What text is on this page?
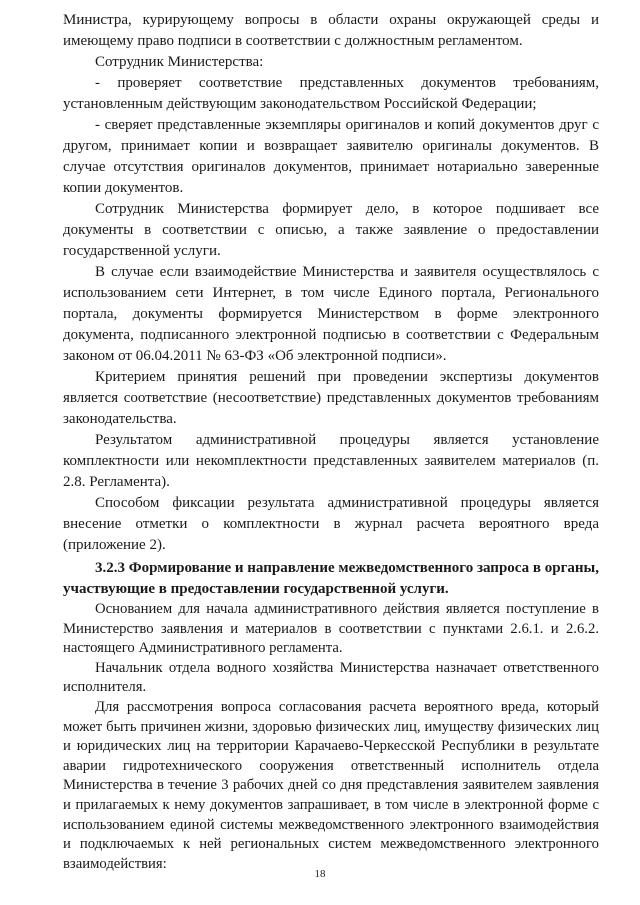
Министра, курирующему вопросы в области охраны окружающей среды и имеющему право подписи в соответствии с должностным регламентом.

Сотрудник Министерства:

- проверяет соответствие представленных документов требованиям, установленным действующим законодательством Российской Федерации;

- сверяет представленные экземпляры оригиналов и копий документов друг с другом, принимает копии и возвращает заявителю оригиналы документов. В случае отсутствия оригиналов документов, принимает нотариально заверенные копии документов.

Сотрудник Министерства формирует дело, в которое подшивает все документы в соответствии с описью, а также заявление о предоставлении государственной услуги.

В случае если взаимодействие Министерства и заявителя осуществлялось с использованием сети Интернет, в том числе Единого портала, Регионального портала, документы формируется Министерством в форме электронного документа, подписанного электронной подписью в соответствии с Федеральным законом от 06.04.2011 № 63-ФЗ «Об электронной подписи».

Критерием принятия решений при проведении экспертизы документов является соответствие (несоответствие) представленных документов требованиям законодательства.

Результатом административной процедуры является установление комплектности или некомплектности представленных заявителем материалов (п. 2.8. Регламента).

Способом фиксации результата административной процедуры является внесение отметки о комплектности в журнал расчета вероятного вреда (приложение 2).

3.2.3 Формирование и направление межведомственного запроса в органы, участвующие в предоставлении государственной услуги.

Основанием для начала административного действия является поступление в Министерство заявления и материалов в соответствии с пунктами 2.6.1. и 2.6.2. настоящего Административного регламента.

Начальник отдела водного хозяйства Министерства назначает ответственного исполнителя.

Для рассмотрения вопроса согласования расчета вероятного вреда, который может быть причинен жизни, здоровью физических лиц, имуществу физических лиц и юридических лиц на территории Карачаево-Черкесской Республики в результате аварии гидротехнического сооружения ответственный исполнитель отдела Министерства в течение 3 рабочих дней со дня представления заявителем заявления и прилагаемых к нему документов запрашивает, в том числе в электронной форме с использованием единой системы межведомственного электронного взаимодействия и подключаемых к ней региональных систем межведомственного электронного взаимодействия:

18
